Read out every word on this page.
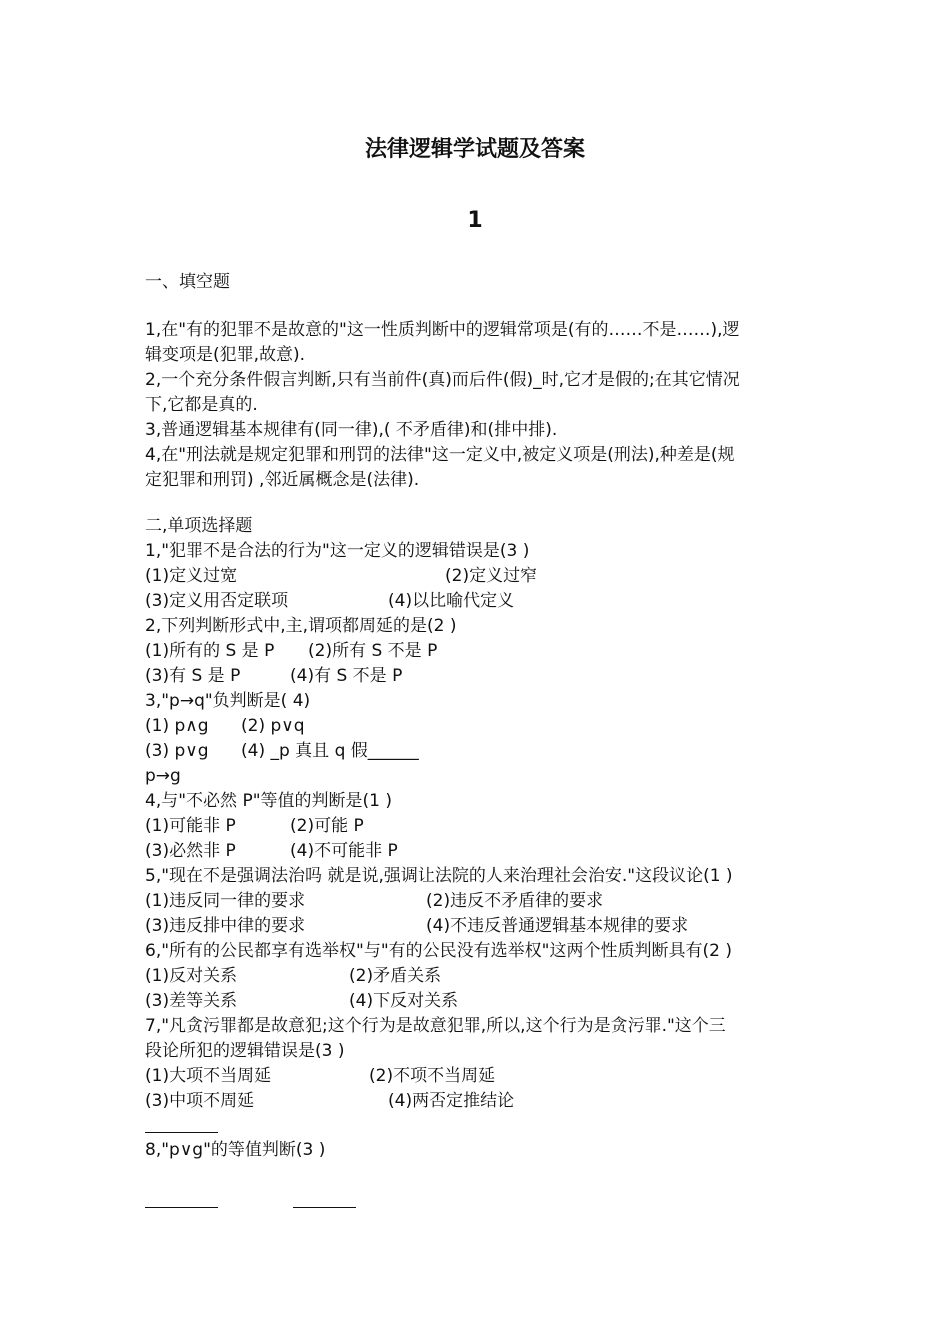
法律逻辑学试题及答案
1
一、填空题
1,在"有的犯罪不是故意的"这一性质判断中的逻辑常项是(有的……不是……),逻
辑变项是(犯罪,故意).
2,一个充分条件假言判断,只有当前件(真)而后件(假)_时,它才是假的;在其它情况
下,它都是真的.
3,普通逻辑基本规律有(同一律),( 不矛盾律)和(排中排).
4,在"刑法就是规定犯罪和刑罚的法律"这一定义中,被定义项是(刑法),种差是(规
定犯罪和刑罚) ,邻近属概念是(法律).
二,单项选择题
1,"犯罪不是合法的行为"这一定义的逻辑错误是(3 )
(1)定义过宽	(2)定义过窄
(3)定义用否定联项	(4)以比喻代定义
2,下列判断形式中,主,谓项都周延的是(2 )
(1)所有的 S 是 P (2)所有 S 不是 P
(3)有 S 是 P	(4)有 S 不是 P
3,"p→q"负判断是( 4)
(1) p∧g (2) p∨q
(3) p∨g (4) _p 真且 q 假______
p→g
4,与"不必然 P"等值的判断是(1 )
(1)可能非 P	(2)可能 P
(3)必然非 P	(4)不可能非 P
5,"现在不是强调法治吗 就是说,强调让法院的人来治理社会治安."这段议论(1 )
(1)违反同一律的要求	(2)违反不矛盾律的要求
(3)违反排中律的要求	(4)不违反普通逻辑基本规律的要求
6,"所有的公民都享有选举权"与"有的公民没有选举权"这两个性质判断具有(2 )
(1)反对关系	(2)矛盾关系
(3)差等关系	(4)下反对关系
7,"凡贪污罪都是故意犯;这个行为是故意犯罪,所以,这个行为是贪污罪."这个三
段论所犯的逻辑错误是(3 )
(1)大项不当周延	(2)不项不当周延
(3)中项不周延	(4)两否定推结论
8,"p∨g"的等值判断(3 )
